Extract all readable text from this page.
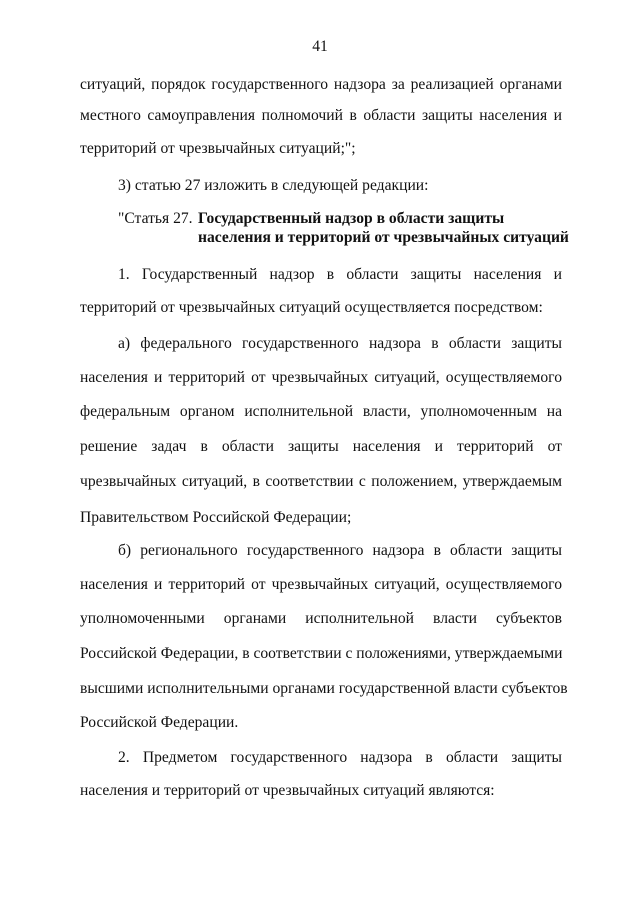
41
ситуаций, порядок государственного надзора за реализацией органами
местного самоуправления полномочий в области защиты населения и
территорий от чрезвычайных ситуаций;";
3) статью 27 изложить в следующей редакции:
"Статья 27. Государственный надзор в области защиты
населения и территорий от чрезвычайных ситуаций
1. Государственный надзор в области защиты населения и
территорий от чрезвычайных ситуаций осуществляется посредством:
а) федерального государственного надзора в области защиты
населения и территорий от чрезвычайных ситуаций, осуществляемого
федеральным органом исполнительной власти, уполномоченным на
решение задач в области защиты населения и территорий от
чрезвычайных ситуаций, в соответствии с положением, утверждаемым
Правительством Российской Федерации;
б) регионального государственного надзора в области защиты
населения и территорий от чрезвычайных ситуаций, осуществляемого
уполномоченными органами исполнительной власти субъектов
Российской Федерации, в соответствии с положениями, утверждаемыми
высшими исполнительными органами государственной власти субъектов
Российской Федерации.
2. Предметом государственного надзора в области защиты
населения и территорий от чрезвычайных ситуаций являются:
